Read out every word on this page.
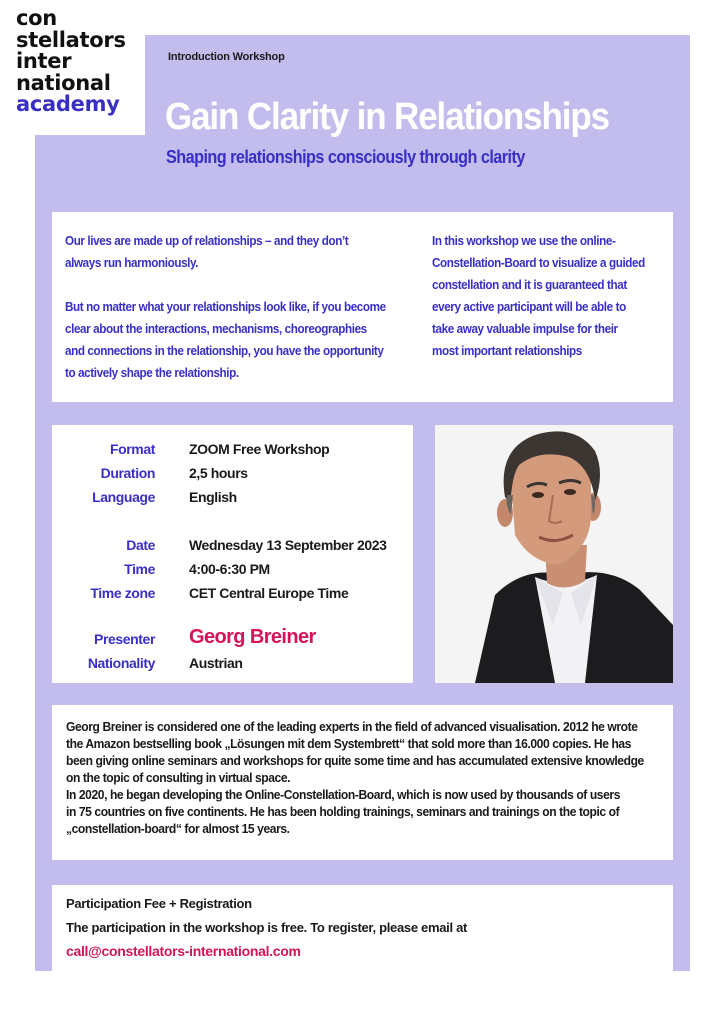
con
stellators
inter
national
academy
Introduction Workshop
Gain Clarity in Relationships
Shaping relationships consciously through clarity

Our lives are made up of relationships – and they don’t
always run harmoniously.

But no matter what your relationships look like, if you become
clear about the interactions, mechanisms, choreographies
and connections in the relationship, you have the opportunity
to actively shape the relationship.

In this workshop we use the online-
Constellation-Board to visualize a guided
constellation and it is guaranteed that
every active participant will be able to
take away valuable impulse for their
most important relationships

Format ZOOM Free Workshop
Duration 2,5 hours
Language English
Date Wednesday 13 September 2023
Time 4:00-6:30 PM
Time zone CET Central Europe Time
Presenter Georg Breiner
Nationality Austrian
Georg Breiner is considered one of the leading experts in the field of advanced visualisation. 2012 he wrote
the Amazon bestselling book „Lösungen mit dem Systembrett“ that sold more than 16.000 copies. He has
been giving online seminars and workshops for quite some time and has accumulated extensive knowledge
on the topic of consulting in virtual space.
In 2020, he began developing the Online-Constellation-Board, which is now used by thousands of users
in 75 countries on five continents. He has been holding trainings, seminars and trainings on the topic of
„constellation-board“ for almost 15 years.
Participation Fee + Registration
The participation in the workshop is free. To register, please email at
call@constellators-international.com
